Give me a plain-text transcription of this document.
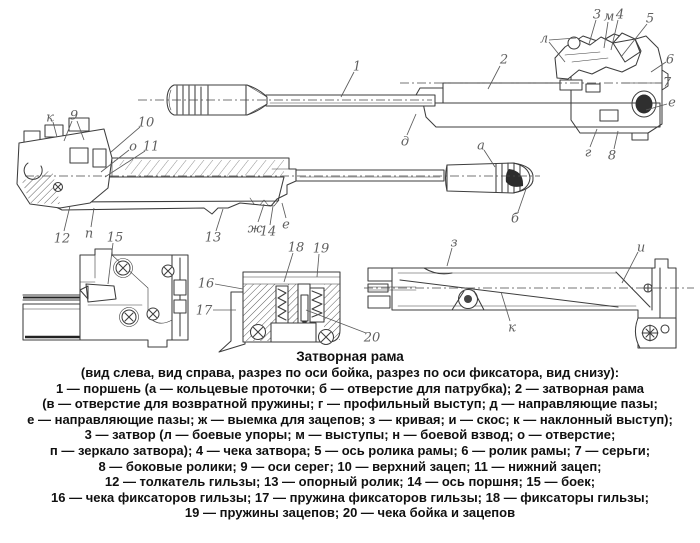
1	2
д
л
3 м 4 5
6
7
е
г 8
к 9	10
о 11
12 п 15	13
ж
14 е
а
б
16
17
18 19
20
з	и
к
Затворная рама
(вид слева, вид справа, разрез по оси бойка, разрез по оси фиксатора, вид снизу):
1 — поршень (а — кольцевые проточки; б — отверстие для патрубка); 2 — затворная рама
(в — отверстие для возвратной пружины; г — профильный выступ; д — направляющие пазы;
е — направляющие пазы; ж — выемка для зацепов; з — кривая; и — скос; к — наклонный выступ);
3 — затвор (л — боевые упоры; м — выступы; н — боевой взвод; о — отверстие;
п — зеркало затвора); 4 — чека затвора; 5 — ось ролика рамы; 6 — ролик рамы; 7 — серьги;
8 — боковые ролики; 9 — оси серег; 10 — верхний зацеп; 11 — нижний зацеп;
12 — толкатель гильзы; 13 — опорный ролик; 14 — ось поршня; 15 — боек;
16 — чека фиксаторов гильзы; 17 — пружина фиксаторов гильзы; 18 — фиксаторы гильзы;
19 — пружины зацепов; 20 — чека бойка и зацепов
